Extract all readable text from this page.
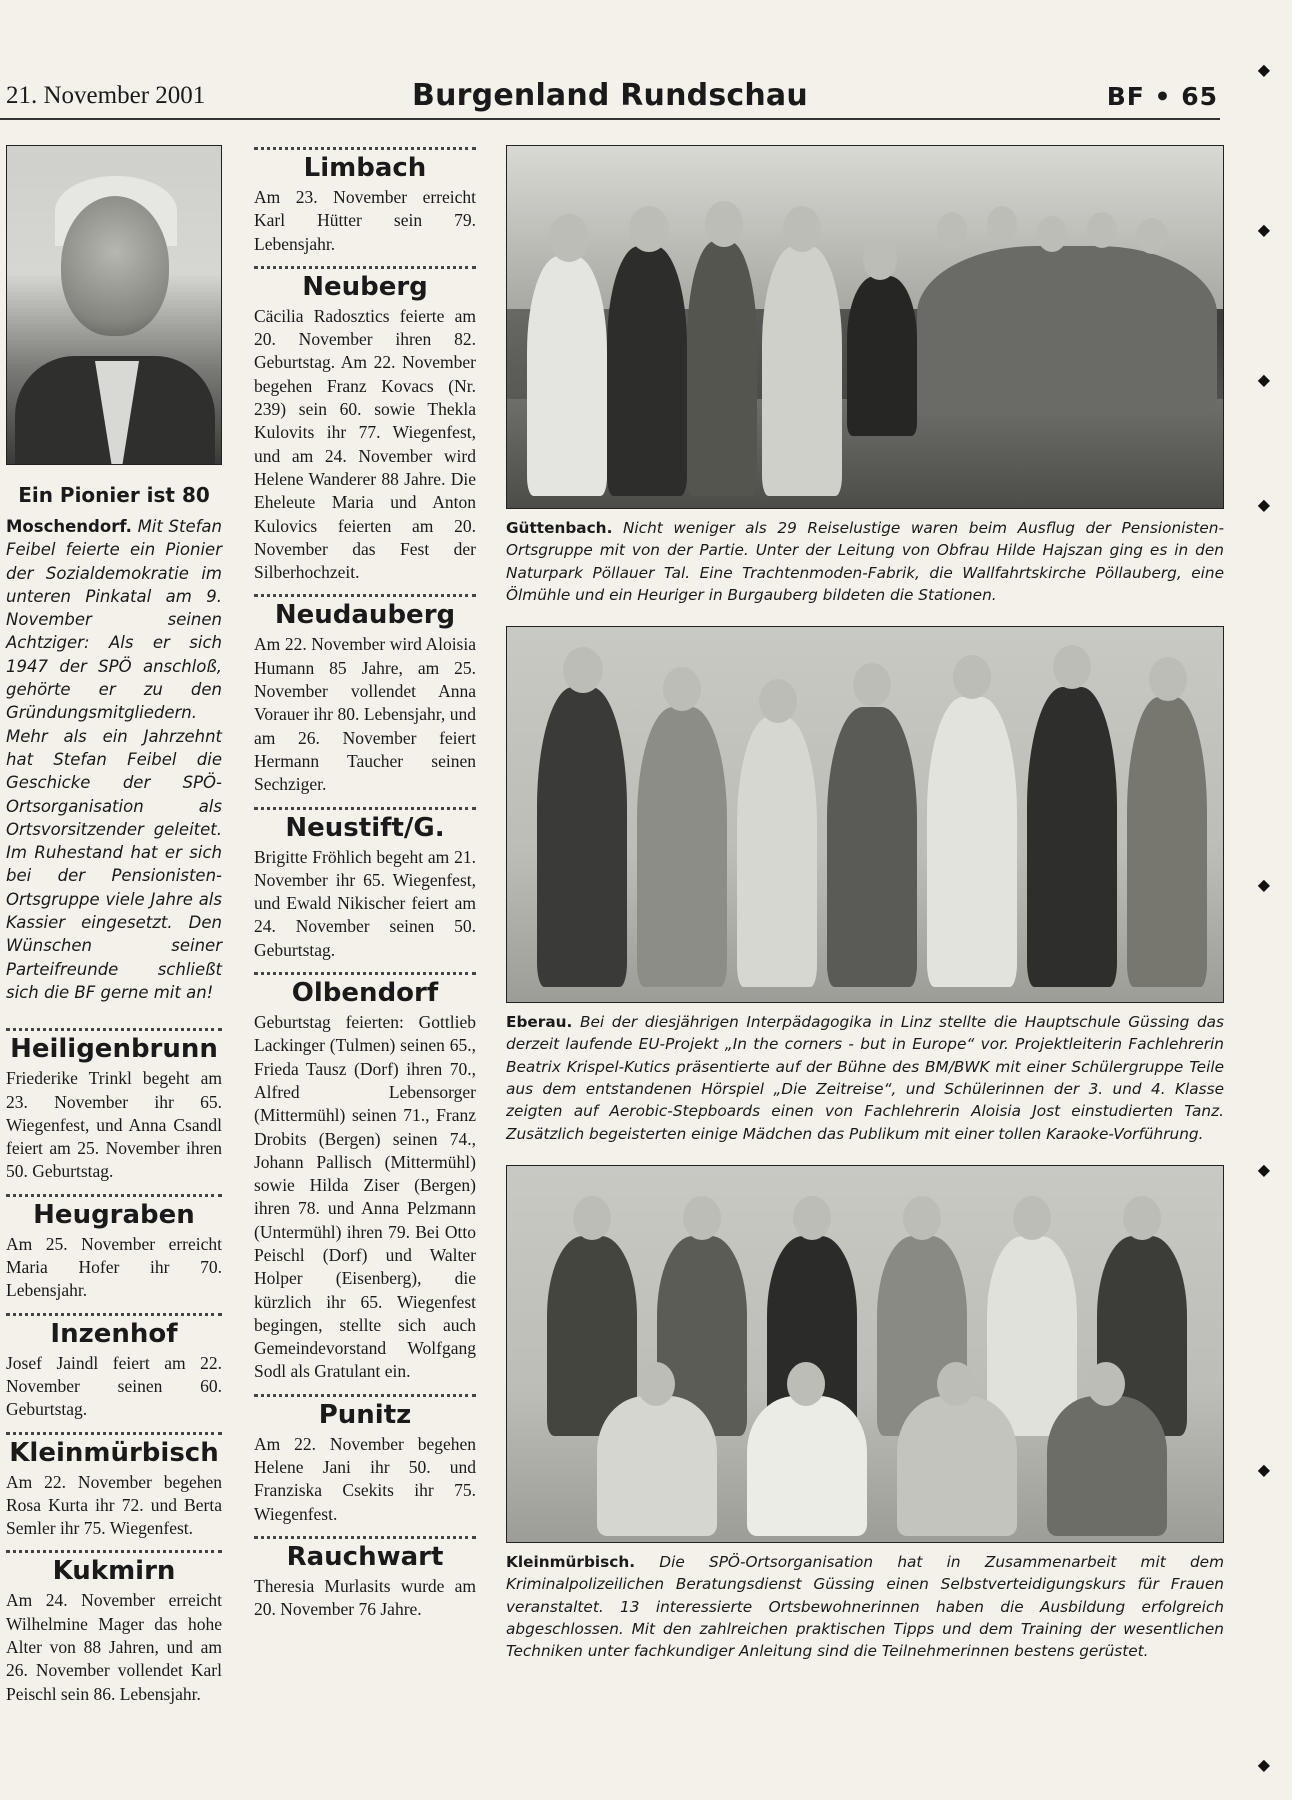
21. November 2001	Burgenland Rundschau	BF • 65
Ein Pionier ist 80
Moschendorf. Mit Stefan Feibel feierte ein Pionier der Sozialdemokratie im unteren Pinkatal am 9. November seinen Achtziger: Als er sich 1947 der SPÖ anschloß, gehörte er zu den Gründungsmitgliedern. Mehr als ein Jahrzehnt hat Stefan Feibel die Geschicke der SPÖ-Ortsorganisation als Ortsvorsitzender geleitet. Im Ruhestand hat er sich bei der Pensionisten-Ortsgruppe viele Jahre als Kassier eingesetzt. Den Wünschen seiner Parteifreunde schließt sich die BF gerne mit an!
Heiligenbrunn
Friederike Trinkl begeht am 23. November ihr 65. Wiegenfest, und Anna Csandl feiert am 25. November ihren 50. Geburtstag.
Heugraben
Am 25. November erreicht Maria Hofer ihr 70. Lebensjahr.
Inzenhof
Josef Jaindl feiert am 22. November seinen 60. Geburtstag.
Kleinmürbisch
Am 22. November begehen Rosa Kurta ihr 72. und Berta Semler ihr 75. Wiegenfest.
Kukmirn
Am 24. November erreicht Wilhelmine Mager das hohe Alter von 88 Jahren, und am 26. November vollendet Karl Peischl sein 86. Lebensjahr.
Limbach
Am 23. November erreicht Karl Hütter sein 79. Lebensjahr.
Neuberg
Cäcilia Radosztics feierte am 20. November ihren 82. Geburtstag. Am 22. November begehen Franz Kovacs (Nr. 239) sein 60. sowie Thekla Kulovits ihr 77. Wiegenfest, und am 24. November wird Helene Wanderer 88 Jahre. Die Eheleute Maria und Anton Kulovics feierten am 20. November das Fest der Silberhochzeit.
Neudauberg
Am 22. November wird Aloisia Humann 85 Jahre, am 25. November vollendet Anna Vorauer ihr 80. Lebensjahr, und am 26. November feiert Hermann Taucher seinen Sechziger.
Neustift/G.
Brigitte Fröhlich begeht am 21. November ihr 65. Wiegenfest, und Ewald Nikischer feiert am 24. November seinen 50. Geburtstag.
Olbendorf
Geburtstag feierten: Gottlieb Lackinger (Tulmen) seinen 65., Frieda Tausz (Dorf) ihren 70., Alfred Lebensorger (Mittermühl) seinen 71., Franz Drobits (Bergen) seinen 74., Johann Pallisch (Mittermühl) sowie Hilda Ziser (Bergen) ihren 78. und Anna Pelzmann (Untermühl) ihren 79. Bei Otto Peischl (Dorf) und Walter Holper (Eisenberg), die kürzlich ihr 65. Wiegenfest begingen, stellte sich auch Gemeindevorstand Wolfgang Sodl als Gratulant ein.
Punitz
Am 22. November begehen Helene Jani ihr 50. und Franziska Csekits ihr 75. Wiegenfest.
Rauchwart
Theresia Murlasits wurde am 20. November 76 Jahre.
Güttenbach. Nicht weniger als 29 Reiselustige waren beim Ausflug der Pensionisten-Ortsgruppe mit von der Partie. Unter der Leitung von Obfrau Hilde Hajszan ging es in den Naturpark Pöllauer Tal. Eine Trachtenmoden-Fabrik, die Wallfahrtskirche Pöllauberg, eine Ölmühle und ein Heuriger in Burgauberg bildeten die Stationen.
Eberau. Bei der diesjährigen Interpädagogika in Linz stellte die Hauptschule Güssing das derzeit laufende EU-Projekt „In the corners - but in Europe“ vor. Projektleiterin Fachlehrerin Beatrix Krispel-Kutics präsentierte auf der Bühne des BM/BWK mit einer Schülergruppe Teile aus dem entstandenen Hörspiel „Die Zeitreise“, und Schülerinnen der 3. und 4. Klasse zeigten auf Aerobic-Stepboards einen von Fachlehrerin Aloisia Jost einstudierten Tanz. Zusätzlich begeisterten einige Mädchen das Publikum mit einer tollen Karaoke-Vorführung.
Kleinmürbisch. Die SPÖ-Ortsorganisation hat in Zusammenarbeit mit dem Kriminalpolizeilichen Beratungsdienst Güssing einen Selbstverteidigungskurs für Frauen veranstaltet. 13 interessierte Ortsbewohnerinnen haben die Ausbildung erfolgreich abgeschlossen. Mit den zahlreichen praktischen Tipps und dem Training der wesentlichen Techniken unter fachkundiger Anleitung sind die Teilnehmerinnen bestens gerüstet.
◆
◆
◆
◆
◆
◆
◆
◆
